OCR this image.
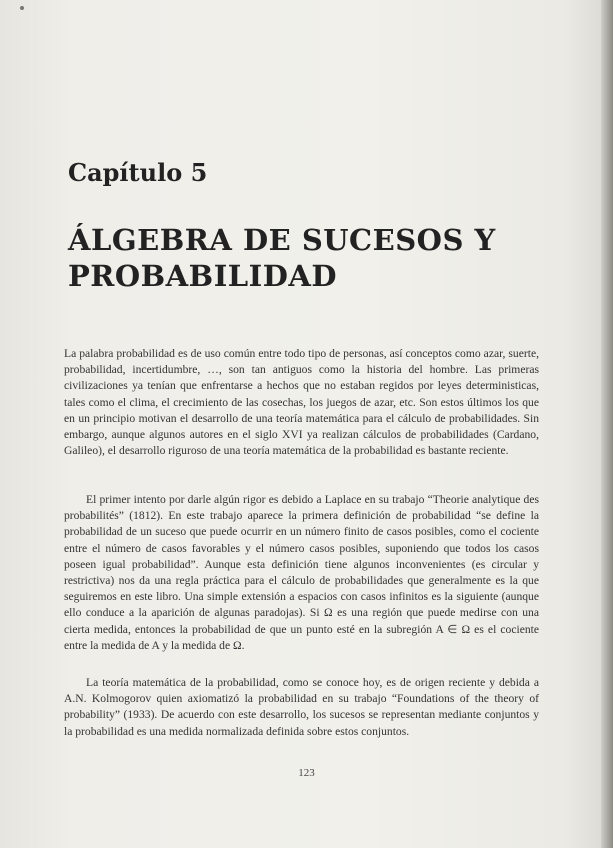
Capítulo 5
ÁLGEBRA DE SUCESOS Y PROBABILIDAD
La palabra probabilidad es de uso común entre todo tipo de personas, así conceptos como azar, suerte, probabilidad, incertidumbre, …, son tan antiguos como la historia del hombre. Las primeras civilizaciones ya tenían que enfrentarse a hechos que no estaban regidos por leyes deterministicas, tales como el clima, el crecimiento de las cosechas, los juegos de azar, etc. Son estos últimos los que en un principio motivan el desarrollo de una teoría matemática para el cálculo de probabilidades. Sin embargo, aunque algunos autores en el siglo XVI ya realizan cálculos de probabilidades (Cardano, Galileo), el desarrollo riguroso de una teoría matemática de la probabilidad es bastante reciente.
El primer intento por darle algún rigor es debido a Laplace en su trabajo “Theorie analytique des probabilités” (1812). En este trabajo aparece la primera definición de probabilidad “se define la probabilidad de un suceso que puede ocurrir en un número finito de casos posibles, como el cociente entre el número de casos favorables y el número casos posibles, suponiendo que todos los casos poseen igual probabilidad”. Aunque esta definición tiene algunos inconvenientes (es circular y restrictiva) nos da una regla práctica para el cálculo de probabilidades que generalmente es la que seguiremos en este libro. Una simple extensión a espacios con casos infinitos es la siguiente (aunque ello conduce a la aparición de algunas paradojas). Si Ω es una región que puede medirse con una cierta medida, entonces la probabilidad de que un punto esté en la subregión A ∈ Ω es el cociente entre la medida de A y la medida de Ω.
La teoría matemática de la probabilidad, como se conoce hoy, es de origen reciente y debida a A.N. Kolmogorov quien axiomatizó la probabilidad en su trabajo “Foundations of the theory of probability” (1933). De acuerdo con este desarrollo, los sucesos se representan mediante conjuntos y la probabilidad es una medida normalizada definida sobre estos conjuntos.
123
